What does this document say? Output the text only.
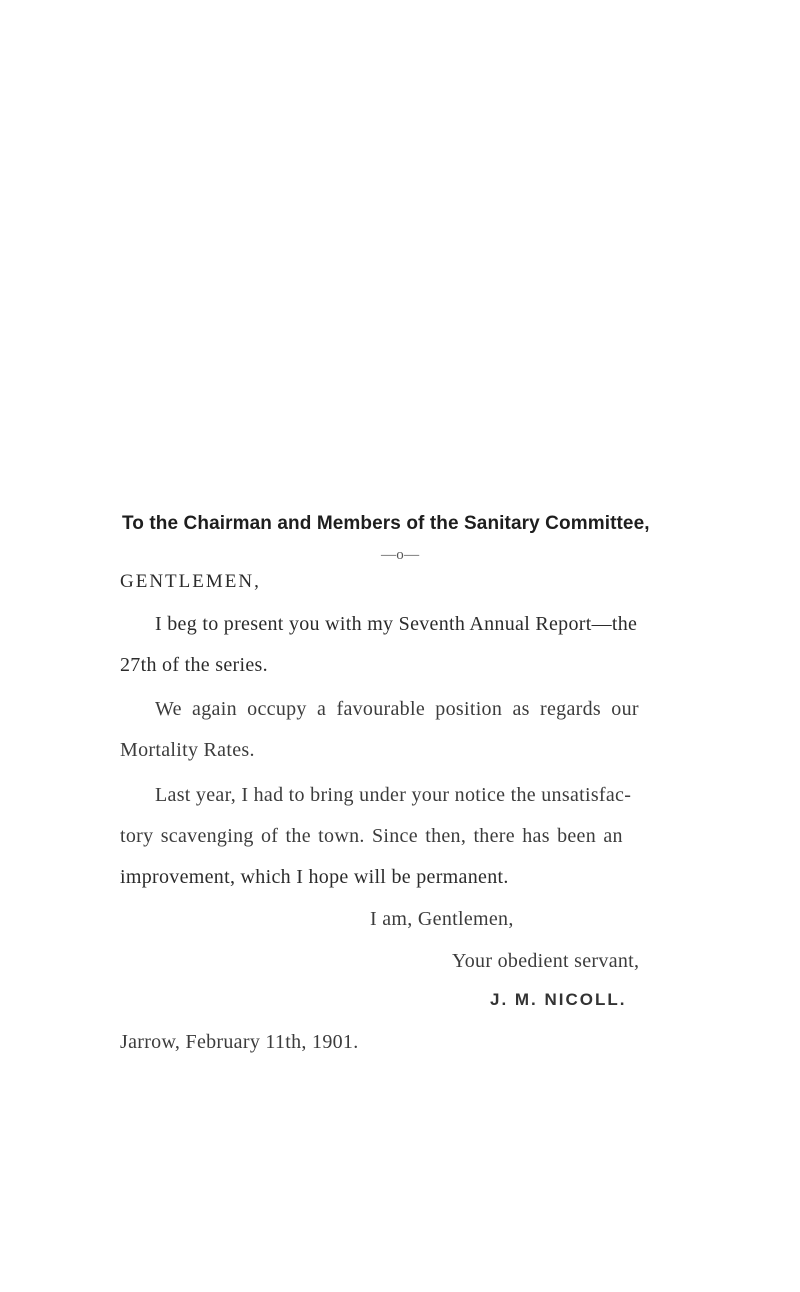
To the Chairman and Members of the Sanitary Committee,
—o—
GENTLEMEN,
I beg to present you with my Seventh Annual Report—the
27th of the series.
We again occupy a favourable position as regards our
Mortality Rates.
Last year, I had to bring under your notice the unsatisfac-
tory scavenging of the town. Since then, there has been an
improvement, which I hope will be permanent.
I am, Gentlemen,
Your obedient servant,
J. M. NICOLL.
Jarrow, February 11th, 1901.
